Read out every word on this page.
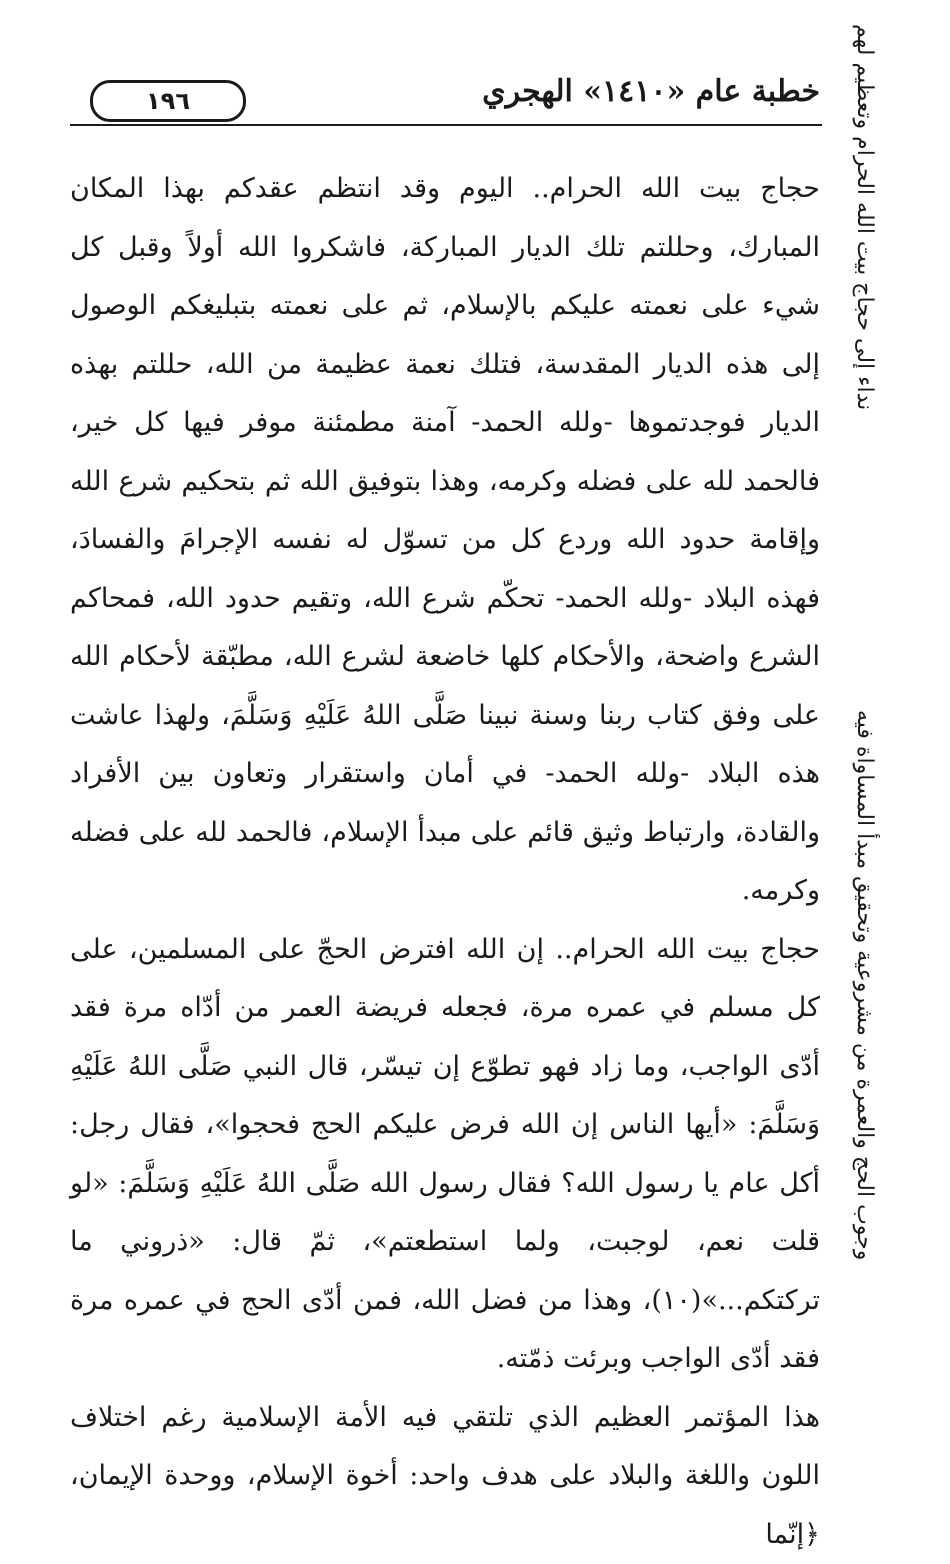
خطبة عام «١٤١٠» الهجري
١٩٦	نداء إلى حجاج بيت الله الحرام وتعظيم لهم
وجوب الحج والعمرة من مشروعية وتحقيق مبدأ المساواة فيه

حجاج بيت الله الحرام.. اليوم وقد انتظم عقدكم بهذا المكان المبارك، وحللتم تلك الديار المباركة، فاشكروا الله أولاً وقبل كل شيء على نعمته عليكم بالإسلام، ثم على نعمته بتبليغكم الوصول إلى هذه الديار المقدسة، فتلك نعمة عظيمة من الله، حللتم بهذه الديار فوجدتموها -ولله الحمد- آمنة مطمئنة موفر فيها كل خير، فالحمد لله على فضله وكرمه، وهذا بتوفيق الله ثم بتحكيم شرع الله وإقامة حدود الله وردع كل من تسوّل له نفسه الإجرامَ والفسادَ، فهذه البلاد -ولله الحمد- تحكّم شرع الله، وتقيم حدود الله، فمحاكم الشرع واضحة، والأحكام كلها خاضعة لشرع الله، مطبّقة لأحكام الله على وفق كتاب ربنا وسنة نبينا صَلَّى اللهُ عَلَيْهِ وَسَلَّمَ، ولهذا عاشت هذه البلاد -ولله الحمد- في أمان واستقرار وتعاون بين الأفراد والقادة، وارتباط وثيق قائم على مبدأ الإسلام، فالحمد لله على فضله وكرمه.

حجاج بيت الله الحرام.. إن الله افترض الحجّ على المسلمين، على كل مسلم في عمره مرة، فجعله فريضة العمر من أدّاه مرة فقد أدّى الواجب، وما زاد فهو تطوّع إن تيسّر، قال النبي صَلَّى اللهُ عَلَيْهِ وَسَلَّمَ: «أيها الناس إن الله فرض عليكم الحج فحجوا»، فقال رجل: أكل عام يا رسول الله؟ فقال رسول الله صَلَّى اللهُ عَلَيْهِ وَسَلَّمَ: «لو قلت نعم، لوجبت، ولما استطعتم»، ثمّ قال: «ذروني ما تركتكم...»(١٠)، وهذا من فضل الله، فمن أدّى الحج في عمره مرة فقد أدّى الواجب وبرئت ذمّته.

هذا المؤتمر العظيم الذي تلتقي فيه الأمة الإسلامية رغم اختلاف اللون واللغة والبلاد على هدف واحد: أخوة الإسلام، ووحدة الإيمان، ﴿إنّما
